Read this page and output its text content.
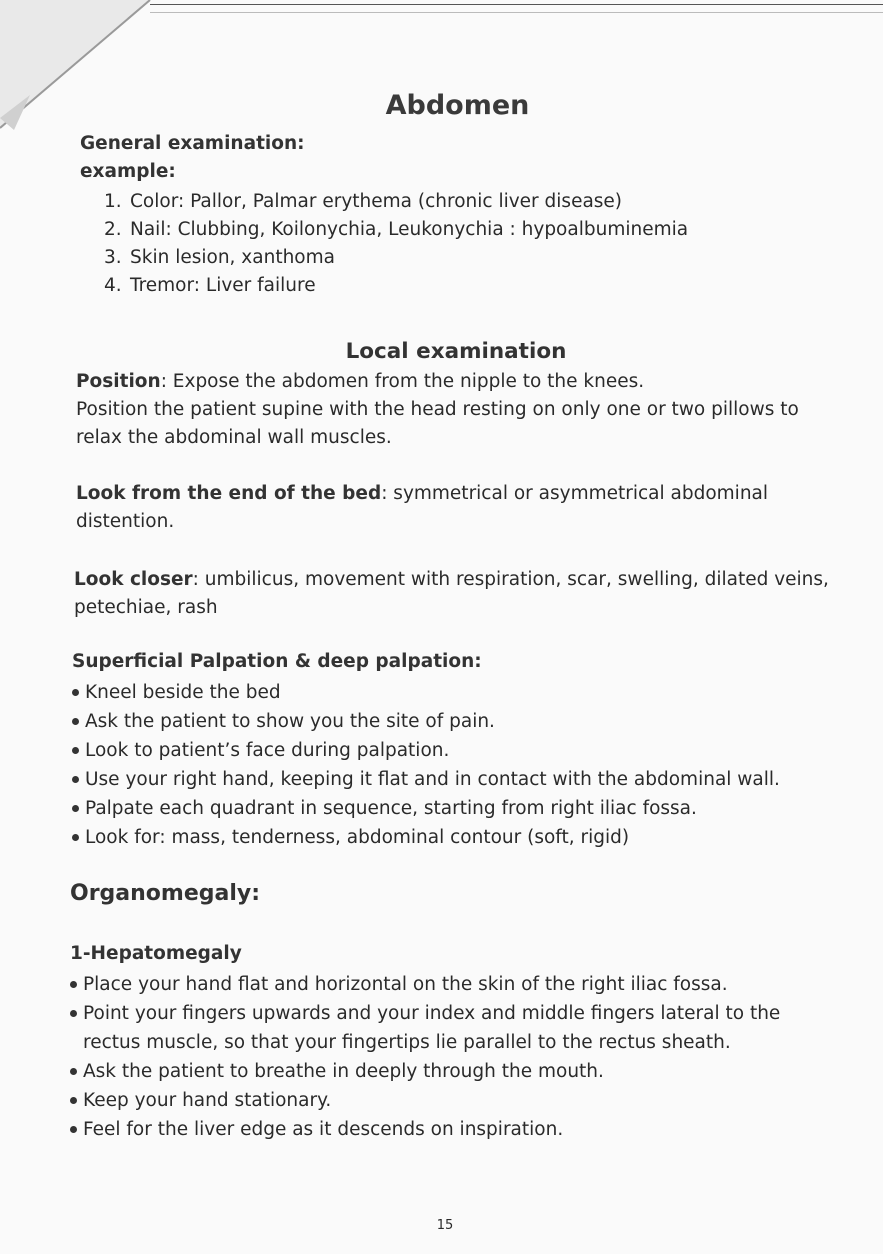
Abdomen
General examination:
example:
1. Color: Pallor, Palmar erythema (chronic liver disease)
2. Nail: Clubbing, Koilonychia, Leukonychia : hypoalbuminemia
3. Skin lesion, xanthoma
4. Tremor: Liver failure
Local examination
Position: Expose the abdomen from the nipple to the knees.
Position the patient supine with the head resting on only one or two pillows to relax the abdominal wall muscles.
Look from the end of the bed: symmetrical or asymmetrical abdominal distention.
Look closer: umbilicus, movement with respiration, scar, swelling, dilated veins, petechiae, rash
Superficial Palpation & deep palpation:
Kneel beside the bed
Ask the patient to show you the site of pain.
Look to patient’s face during palpation.
Use your right hand, keeping it flat and in contact with the abdominal wall.
Palpate each quadrant in sequence, starting from right iliac fossa.
Look for: mass, tenderness, abdominal contour (soft, rigid)
Organomegaly:
1-Hepatomegaly
Place your hand flat and horizontal on the skin of the right iliac fossa.
Point your fingers upwards and your index and middle fingers lateral to the rectus muscle, so that your fingertips lie parallel to the rectus sheath.
Ask the patient to breathe in deeply through the mouth.
Keep your hand stationary.
Feel for the liver edge as it descends on inspiration.
15
